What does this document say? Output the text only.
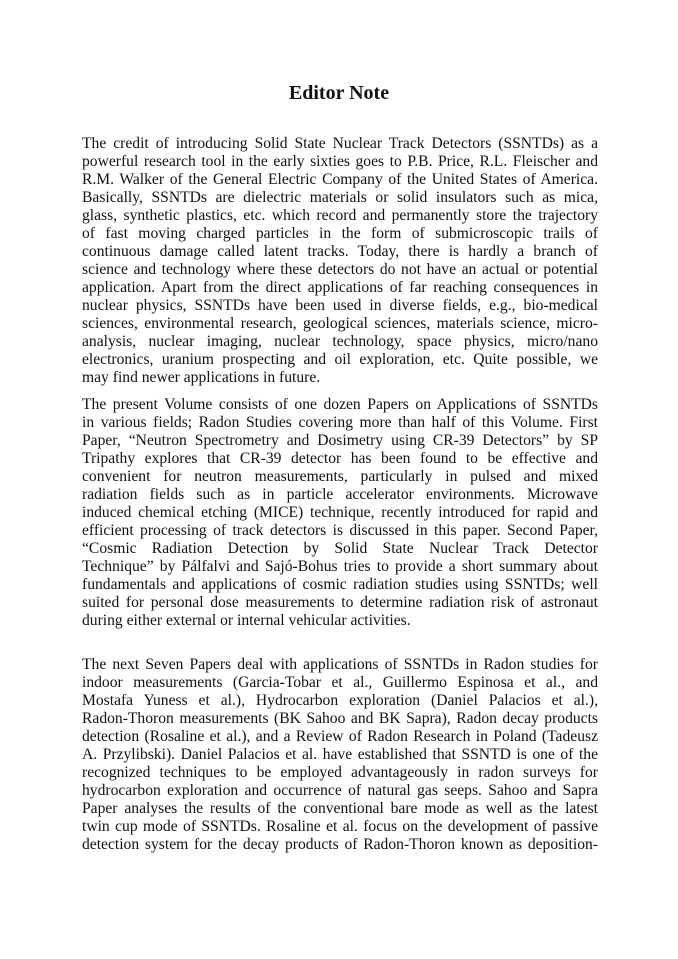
Editor Note
The credit of introducing Solid State Nuclear Track Detectors (SSNTDs) as a
powerful research tool in the early sixties goes to P.B. Price, R.L. Fleischer and
R.M. Walker of the General Electric Company of the United States of America.
Basically, SSNTDs are dielectric materials or solid insulators such as mica,
glass, synthetic plastics, etc. which record and permanently store the trajectory
of fast moving charged particles in the form of submicroscopic trails of
continuous damage called latent tracks. Today, there is hardly a branch of
science and technology where these detectors do not have an actual or potential
application. Apart from the direct applications of far reaching consequences in
nuclear physics, SSNTDs have been used in diverse fields, e.g., bio-medical
sciences, environmental research, geological sciences, materials science, micro-
analysis, nuclear imaging, nuclear technology, space physics, micro/nano
electronics, uranium prospecting and oil exploration, etc. Quite possible, we
may find newer applications in future.
The present Volume consists of one dozen Papers on Applications of SSNTDs
in various fields; Radon Studies covering more than half of this Volume. First
Paper, “Neutron Spectrometry and Dosimetry using CR-39 Detectors” by SP
Tripathy explores that CR-39 detector has been found to be effective and
convenient for neutron measurements, particularly in pulsed and mixed
radiation fields such as in particle accelerator environments. Microwave
induced chemical etching (MICE) technique, recently introduced for rapid and
efficient processing of track detectors is discussed in this paper. Second Paper,
“Cosmic Radiation Detection by Solid State Nuclear Track Detector
Technique” by Pálfalvi and Sajó-Bohus tries to provide a short summary about
fundamentals and applications of cosmic radiation studies using SSNTDs; well
suited for personal dose measurements to determine radiation risk of astronaut
during either external or internal vehicular activities.
The next Seven Papers deal with applications of SSNTDs in Radon studies for
indoor measurements (Garcia-Tobar et al., Guillermo Espinosa et al., and
Mostafa Yuness et al.), Hydrocarbon exploration (Daniel Palacios et al.),
Radon-Thoron measurements (BK Sahoo and BK Sapra), Radon decay products
detection (Rosaline et al.), and a Review of Radon Research in Poland (Tadeusz
A. Przylibski). Daniel Palacios et al. have established that SSNTD is one of the
recognized techniques to be employed advantageously in radon surveys for
hydrocarbon exploration and occurrence of natural gas seeps. Sahoo and Sapra
Paper analyses the results of the conventional bare mode as well as the latest
twin cup mode of SSNTDs. Rosaline et al. focus on the development of passive
detection system for the decay products of Radon-Thoron known as deposition-
